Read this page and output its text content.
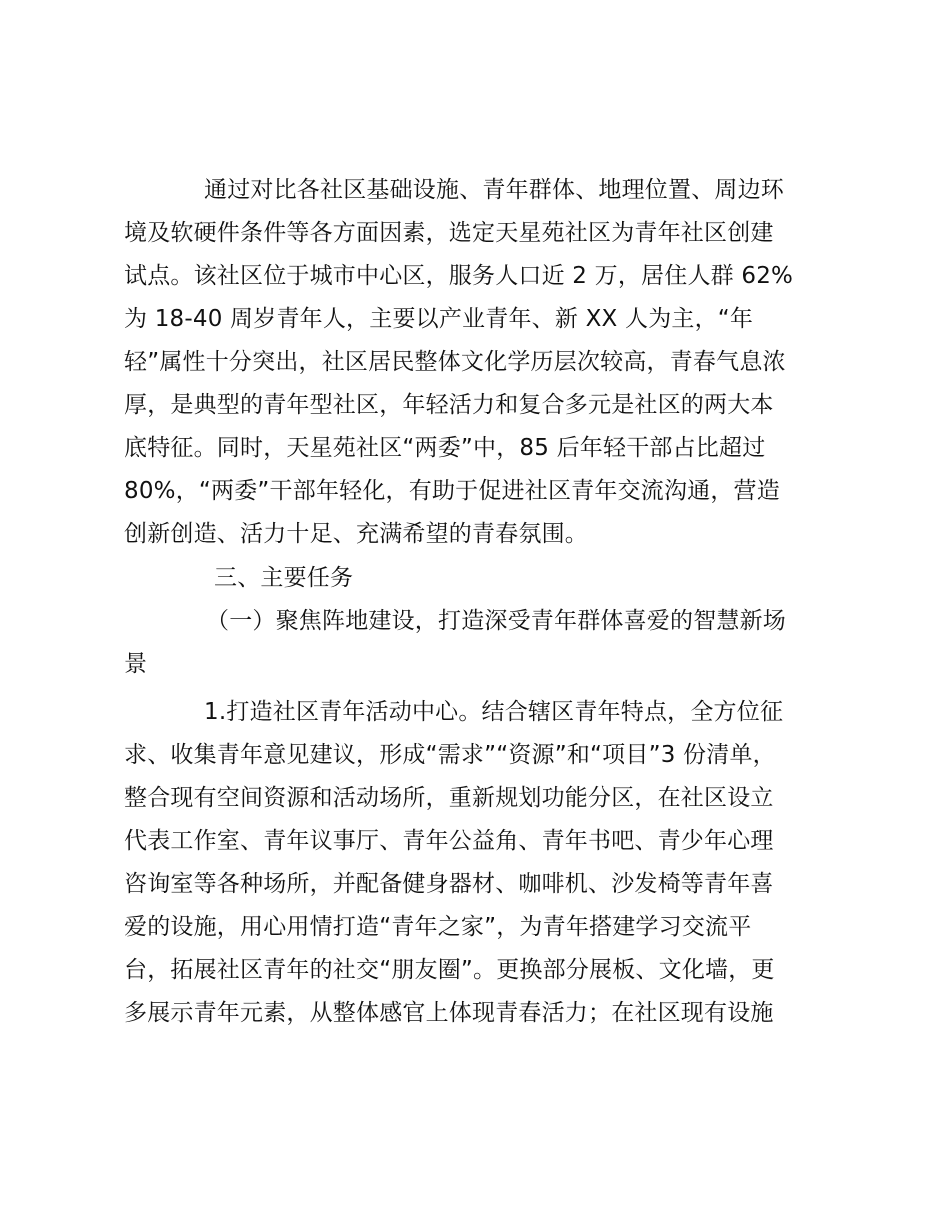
通过对比各社区基础设施、青年群体、地理位置、周边环
境及软硬件条件等各方面因素，选定天星苑社区为青年社区创建
试点。该社区位于城市中心区，服务人口近 2 万，居住人群 62%
为 18-40 周岁青年人，主要以产业青年、新 XX 人为主，“年
轻”属性十分突出，社区居民整体文化学历层次较高，青春气息浓
厚，是典型的青年型社区，年轻活力和复合多元是社区的两大本
底特征。同时，天星苑社区“两委”中，85 后年轻干部占比超过
80%，“两委”干部年轻化，有助于促进社区青年交流沟通，营造
创新创造、活力十足、充满希望的青春氛围。
三、主要任务
（一）聚焦阵地建设，打造深受青年群体喜爱的智慧新场
景
1.打造社区青年活动中心。结合辖区青年特点，全方位征
求、收集青年意见建议，形成“需求”“资源”和“项目”3 份清单，
整合现有空间资源和活动场所，重新规划功能分区，在社区设立
代表工作室、青年议事厅、青年公益角、青年书吧、青少年心理
咨询室等各种场所，并配备健身器材、咖啡机、沙发椅等青年喜
爱的设施，用心用情打造“青年之家”，为青年搭建学习交流平
台，拓展社区青年的社交“朋友圈”。更换部分展板、文化墙，更
多展示青年元素，从整体感官上体现青春活力；在社区现有设施
